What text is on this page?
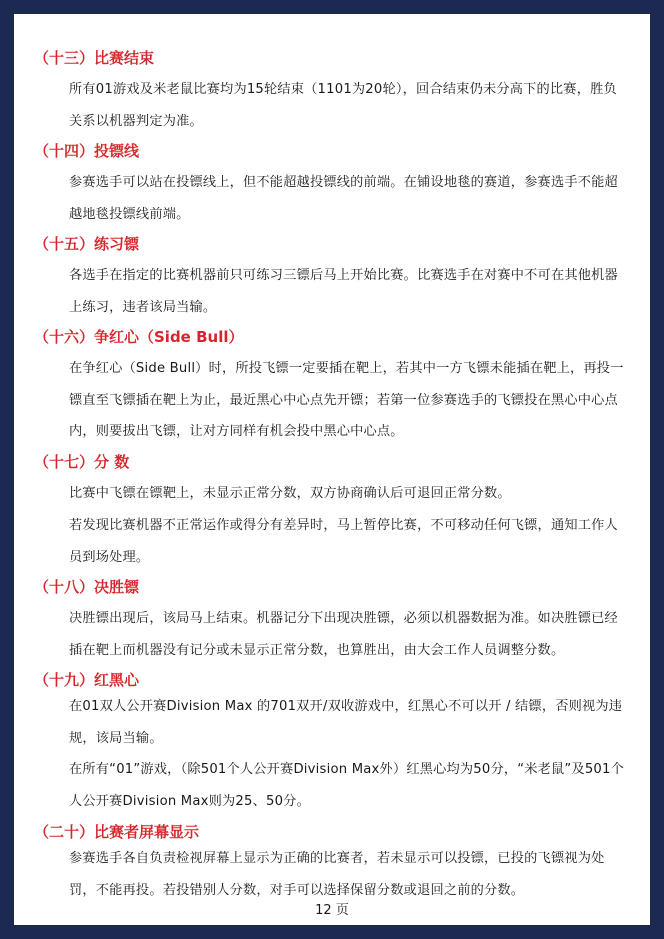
（十三）比赛结束
所有01游戏及米老鼠比赛均为15轮结束（1101为20轮），回合结束仍未分高下的比赛，胜负关系以机器判定为准。
（十四）投镖线
参赛选手可以站在投镖线上，但不能超越投镖线的前端。在铺设地毯的赛道，参赛选手不能超越地毯投镖线前端。
（十五）练习镖
各选手在指定的比赛机器前只可练习三镖后马上开始比赛。比赛选手在对赛中不可在其他机器上练习，违者该局当输。
（十六）争红心（Side Bull）
在争红心（Side Bull）时，所投飞镖一定要插在靶上，若其中一方飞镖未能插在靶上，再投一镖直至飞镖插在靶上为止，最近黑心中心点先开镖；若第一位参赛选手的飞镖投在黑心中心点内，则要拔出飞镖，让对方同样有机会投中黑心中心点。
（十七）分 数
比赛中飞镖在镖靶上，未显示正常分数，双方协商确认后可退回正常分数。
若发现比赛机器不正常运作或得分有差异时，马上暂停比赛，不可移动任何飞镖，通知工作人员到场处理。
（十八）决胜镖
决胜镖出现后，该局马上结束。机器记分下出现决胜镖，必须以机器数据为准。如决胜镖已经插在靶上而机器没有记分或未显示正常分数，也算胜出，由大会工作人员调整分数。
（十九）红黑心
在01双人公开赛Division Max 的701双开/双收游戏中，红黑心不可以开 / 结镖，否则视为违规，该局当输。
在所有“01”游戏，（除501个人公开赛Division Max外）红黑心均为50分，“米老鼠”及501个人公开赛Division Max则为25、50分。
（二十）比赛者屏幕显示
参赛选手各自负责检视屏幕上显示为正确的比赛者，若未显示可以投镖，已投的飞镖视为处罚，不能再投。若投错别人分数，对手可以选择保留分数或退回之前的分数。
12 页
